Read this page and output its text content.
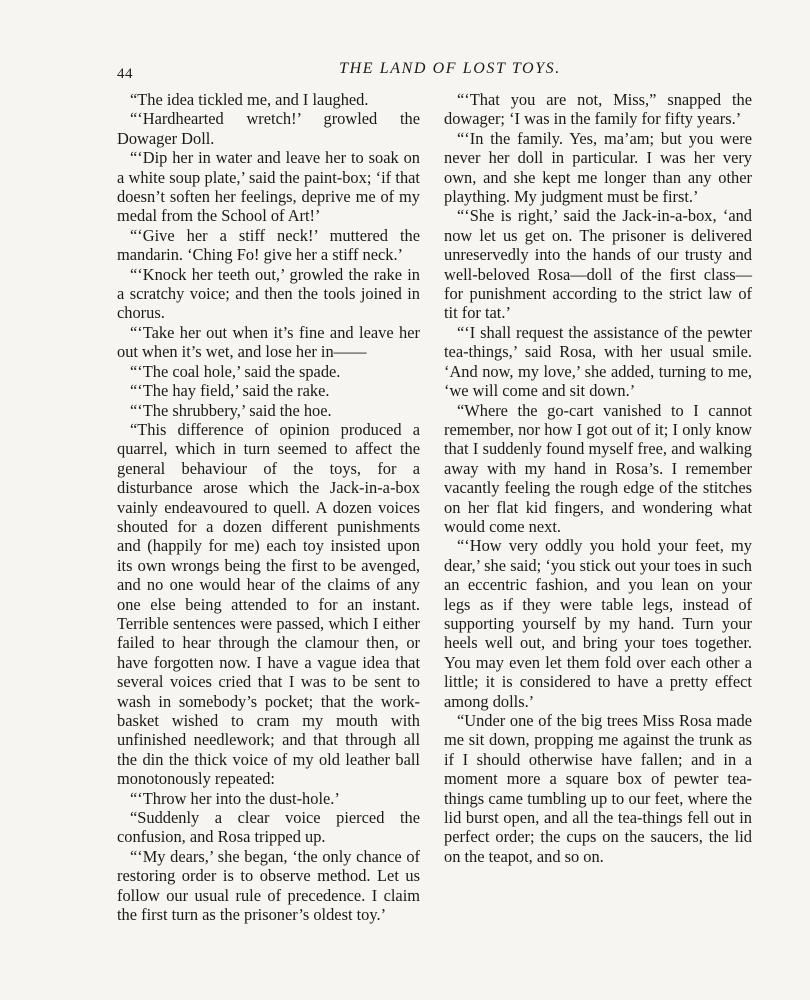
44	THE LAND OF LOST TOYS.

“The idea tickled me, and I laughed.

“‘Hardhearted wretch!’ growled the Dowager Doll.

“‘Dip her in water and leave her to soak on a white soup plate,’ said the paint-box; ‘if that doesn’t soften her feelings, deprive me of my medal from the School of Art!’

“‘Give her a stiff neck!’ muttered the mandarin. ‘Ching Fo! give her a stiff neck.’

“‘Knock her teeth out,’ growled the rake in a scratchy voice; and then the tools joined in chorus.

“‘Take her out when it’s fine and leave her out when it’s wet, and lose her in——

“‘The coal hole,’ said the spade.

“‘The hay field,’ said the rake.

“‘The shrubbery,’ said the hoe.

“This difference of opinion produced a quarrel, which in turn seemed to affect the general behaviour of the toys, for a disturbance arose which the Jack-in-a-box vainly endeavoured to quell. A dozen voices shouted for a dozen different punishments and (happily for me) each toy insisted upon its own wrongs being the first to be avenged, and no one would hear of the claims of any one else being attended to for an instant. Terrible sentences were passed, which I either failed to hear through the clamour then, or have forgotten now. I have a vague idea that several voices cried that I was to be sent to wash in somebody’s pocket; that the work-basket wished to cram my mouth with unfinished needlework; and that through all the din the thick voice of my old leather ball monotonously repeated:

“‘Throw her into the dust-hole.’

“Suddenly a clear voice pierced the confusion, and Rosa tripped up.

“‘My dears,’ she began, ‘the only chance of restoring order is to observe method. Let us follow our usual rule of precedence. I claim the first turn as the prisoner’s oldest toy.’

“‘That you are not, Miss,” snapped the dowager; ‘I was in the family for fifty years.’

“‘In the family. Yes, ma’am; but you were never her doll in particular. I was her very own, and she kept me longer than any other plaything. My judgment must be first.’

“‘She is right,’ said the Jack-in-a-box, ‘and now let us get on. The prisoner is delivered unreservedly into the hands of our trusty and well-beloved Rosa—doll of the first class—for punishment according to the strict law of tit for tat.’

“‘I shall request the assistance of the pewter tea-things,’ said Rosa, with her usual smile. ‘And now, my love,’ she added, turning to me, ‘we will come and sit down.’

“Where the go-cart vanished to I cannot remember, nor how I got out of it; I only know that I suddenly found myself free, and walking away with my hand in Rosa’s. I remember vacantly feeling the rough edge of the stitches on her flat kid fingers, and wondering what would come next.

“‘How very oddly you hold your feet, my dear,’ she said; ‘you stick out your toes in such an eccentric fashion, and you lean on your legs as if they were table legs, instead of supporting yourself by my hand. Turn your heels well out, and bring your toes together. You may even let them fold over each other a little; it is considered to have a pretty effect among dolls.’

“Under one of the big trees Miss Rosa made me sit down, propping me against the trunk as if I should otherwise have fallen; and in a moment more a square box of pewter tea-things came tumbling up to our feet, where the lid burst open, and all the tea-things fell out in perfect order; the cups on the saucers, the lid on the teapot, and so on.
